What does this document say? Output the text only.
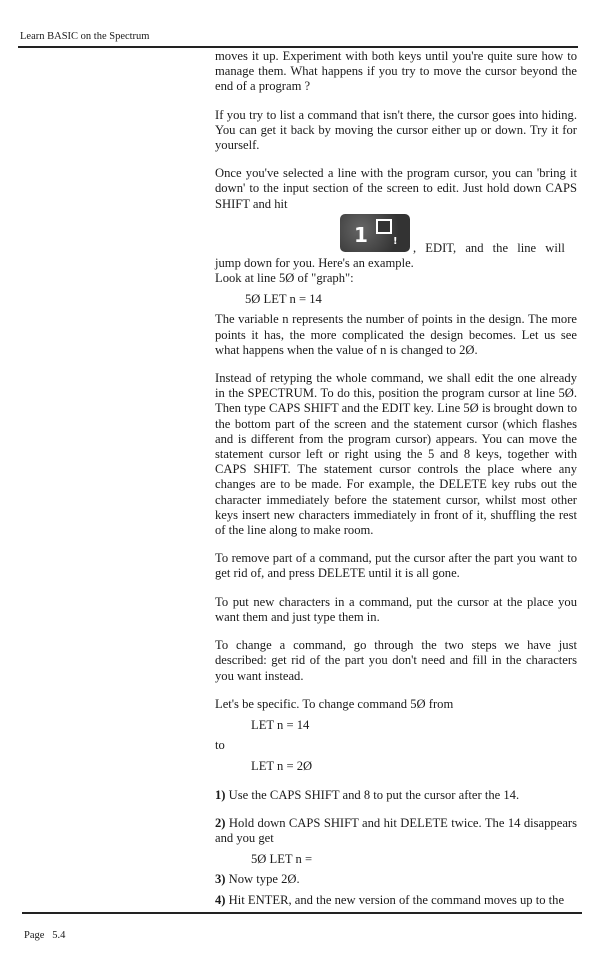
Learn BASIC on the Spectrum

moves it up. Experiment with both keys until you're quite sure how to manage them. What happens if you try to move the cursor beyond the end of a program ?

If you try to list a command that isn't there, the cursor goes into hiding. You can get it back by moving the cursor either up or down. Try it for yourself.

Once you've selected a line with the program cursor, you can 'bring it down' to the input section of the screen to edit. Just hold down CAPS SHIFT and hit

1	! , EDIT, and the line will

jump down for you. Here's an example.

Look at line 5Ø of "graph":

5Ø LET n = 14

The variable n represents the number of points in the design. The more points it has, the more complicated the design becomes. Let us see what happens when the value of n is changed to 2Ø.

Instead of retyping the whole command, we shall edit the one already in the SPECTRUM. To do this, position the program cursor at line 5Ø. Then type CAPS SHIFT and the EDIT key. Line 5Ø is brought down to the bottom part of the screen and the statement cursor (which flashes and is different from the program cursor) appears. You can move the statement cursor left or right using the 5 and 8 keys, together with CAPS SHIFT. The statement cursor controls the place where any changes are to be made. For example, the DELETE key rubs out the character immediately before the statement cursor, whilst most other keys insert new characters immediately in front of it, shuffling the rest of the line along to make room.

To remove part of a command, put the cursor after the part you want to get rid of, and press DELETE until it is all gone.

To put new characters in a command, put the cursor at the place you want them and just type them in.

To change a command, go through the two steps we have just described: get rid of the part you don't need and fill in the characters you want instead.

Let's be specific. To change command 5Ø from

LET n = 14

to

LET n = 2Ø

1) Use the CAPS SHIFT and 8 to put the cursor after the 14.

2) Hold down CAPS SHIFT and hit DELETE twice. The 14 disappears and you get

5Ø LET n =

3) Now type 2Ø.

4) Hit ENTER, and the new version of the command moves up to the

Page   5.4
